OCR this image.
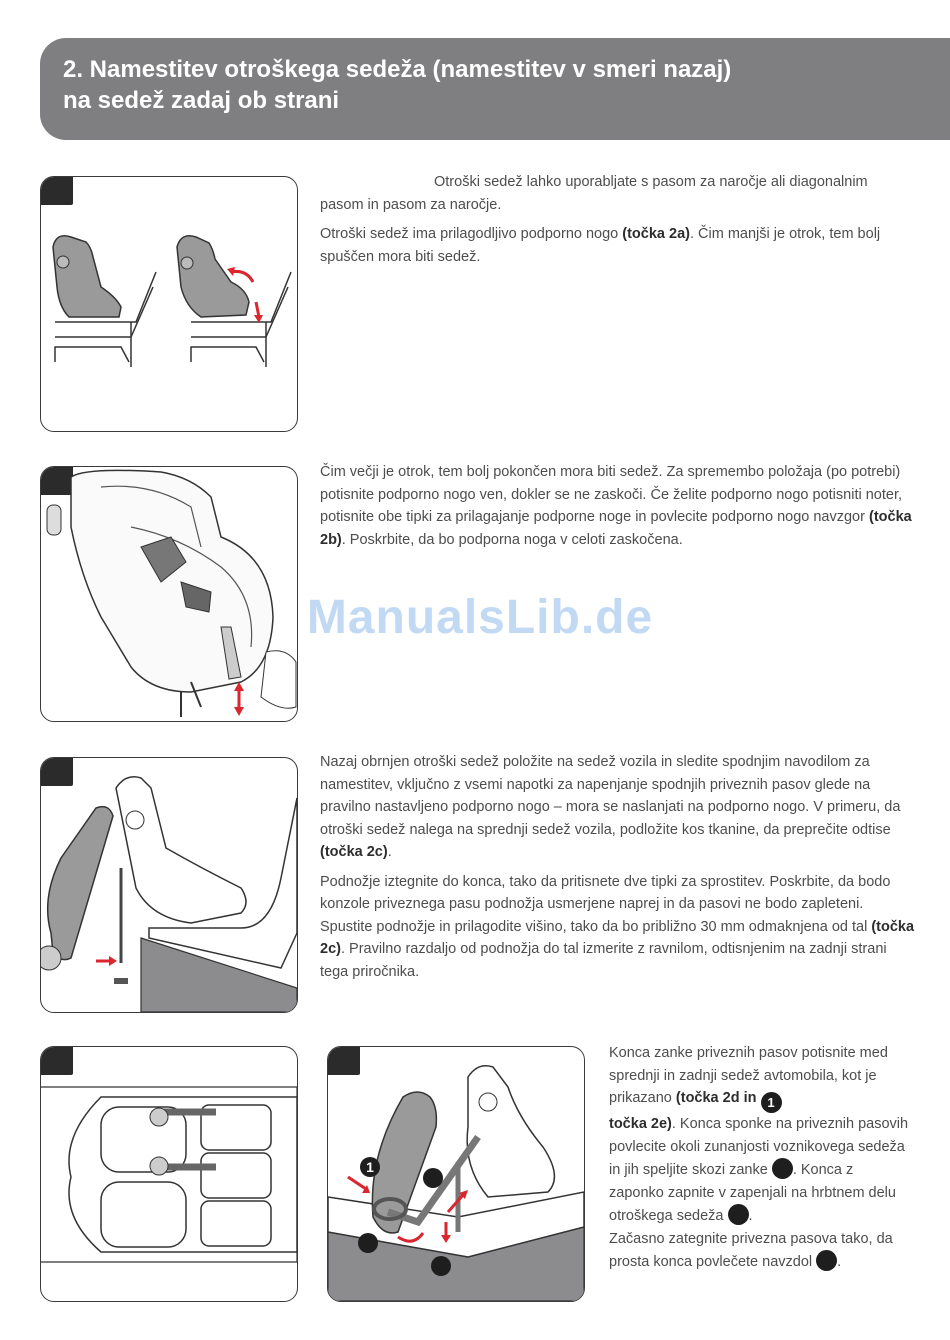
2. Namestitev otroškega sedeža (namestitev v smeri nazaj)
na sedež zadaj ob strani

Otroški sedež lahko uporabljate s pasom za naročje ali diagonalnim pasom in pasom za naročje.

Otroški sedež ima prilagodljivo podporno nogo (točka 2a). Čim manjši je otrok, tem bolj spuščen mora biti sedež.

Čim večji je otrok, tem bolj pokončen mora biti sedež. Za spremembo položaja (po potrebi) potisnite podporno nogo ven, dokler se ne zaskoči. Če želite podporno nogo potisniti noter, potisnite obe tipki za prilagajanje podporne noge in povlecite podporno nogo navzgor (točka 2b). Poskrbite, da bo podporna noga v celoti zaskočena.

ManualsLib.de

Nazaj obrnjen otroški sedež položite na sedež vozila in sledite spodnjim navodilom za namestitev, vključno z vsemi napotki za napenjanje spodnjih priveznih pasov glede na pravilno nastavljeno podporno nogo – mora se naslanjati na podporno nogo. V primeru, da otroški sedež nalega na sprednji sedež vozila, podložite kos tkanine, da preprečite odtise (točka 2c).

Podnožje iztegnite do konca, tako da pritisnete dve tipki za sprostitev. Poskrbite, da bodo konzole priveznega pasu podnožja usmerjene naprej in da pasovi ne bodo zapleteni. Spustite podnožje in prilagodite višino, tako da bo približno 30 mm odmaknjena od tal (točka 2c). Pravilno razdaljo od podnožja do tal izmerite z ravnilom, odtisnjenim na zadnji strani tega priročnika.

1
Konca zanke priveznih pasov potisnite med sprednji in zadnji sedež avtomobila, kot je prikazano (točka 2d in 1
točka 2e). Konca sponke na priveznih pasovih povlecite okoli zunanjosti voznikovega sedeža in jih speljite skozi zanke . Konca z zaponko zapnite v zapenjali na hrbtnem delu otroškega sedeža .
Začasno zategnite privezna pasova tako, da prosta konca povlečete navzdol .
